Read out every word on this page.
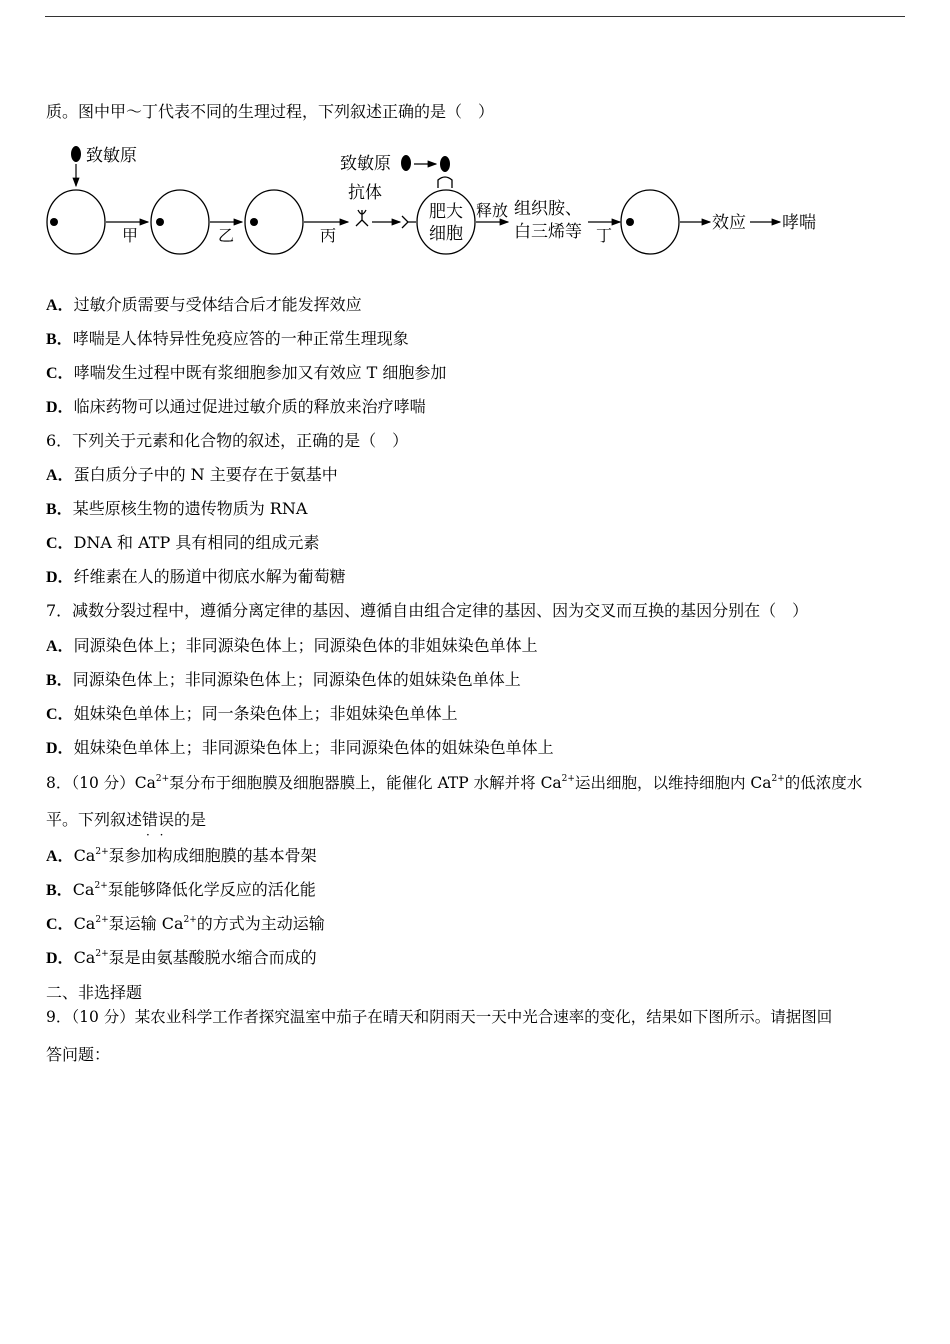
质。图中甲～丁代表不同的生理过程，下列叙述正确的是（　）
致敏原
甲	乙	丙
抗体
致敏原
肥大
细胞
释放 组织胺、
白三烯等 丁
效应 哮喘
A．过敏介质需要与受体结合后才能发挥效应
B．哮喘是人体特异性免疫应答的一种正常生理现象
C．哮喘发生过程中既有浆细胞参加又有效应 T 细胞参加
D．临床药物可以通过促进过敏介质的释放来治疗哮喘
6．下列关于元素和化合物的叙述，正确的是（　）
A．蛋白质分子中的 N 主要存在于氨基中
B．某些原核生物的遗传物质为 RNA
C．DNA 和 ATP 具有相同的组成元素
D．纤维素在人的肠道中彻底水解为葡萄糖
7．减数分裂过程中，遵循分离定律的基因、遵循自由组合定律的基因、因为交叉而互换的基因分别在（　）
A．同源染色体上；非同源染色体上；同源染色体的非姐妹染色单体上
B．同源染色体上；非同源染色体上；同源染色体的姐妹染色单体上
C．姐妹染色单体上；同一条染色体上；非姐妹染色单体上
D．姐妹染色单体上；非同源染色体上；非同源染色体的姐妹染色单体上
8．（10 分）$Ca^{2+}$泵分布于细胞膜及细胞器膜上，能催化 ATP 水解并将 $Ca^{2+}$运出细胞，以维持细胞内 $Ca^{2+}$的低浓度水
平。下列叙述错误 · ·的是
A．$Ca^{2+}$泵参加构成细胞膜的基本骨架
B．$Ca^{2+}$泵能够降低化学反应的活化能
C．$Ca^{2+}$泵运输 $Ca^{2+}$的方式为主动运输
D．$Ca^{2+}$泵是由氨基酸脱水缩合而成的
二、非选择题
9．（10 分）某农业科学工作者探究温室中茄子在晴天和阴雨天一天中光合速率的变化，结果如下图所示。请据图回
答问题：
